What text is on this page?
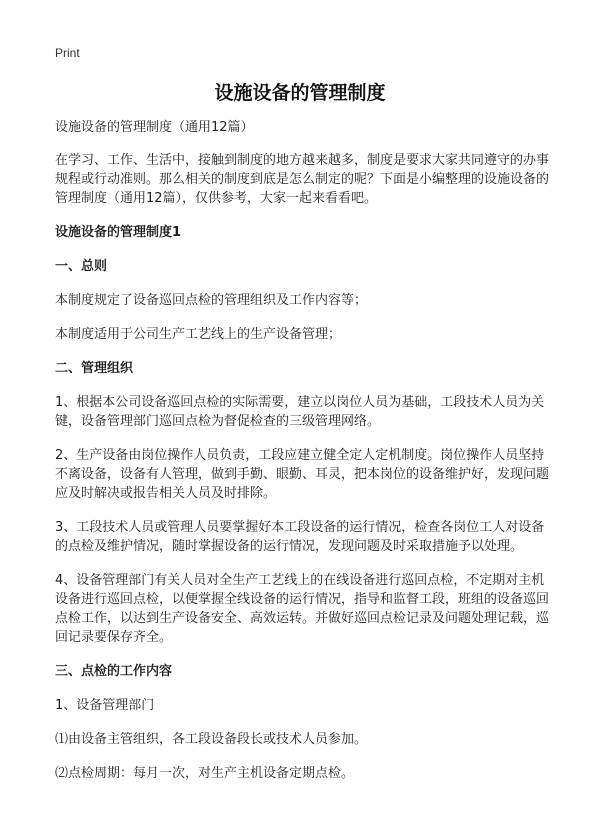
Print
设施设备的管理制度

设施设备的管理制度（通用12篇）

在学习、工作、生活中，接触到制度的地方越来越多，制度是要求大家共同遵守的办事规程或行动准则。那么相关的制度到底是怎么制定的呢？下面是小编整理的设施设备的管理制度（通用12篇），仅供参考，大家一起来看看吧。

设施设备的管理制度1

一、总则

本制度规定了设备巡回点检的管理组织及工作内容等；

本制度适用于公司生产工艺线上的生产设备管理；

二、管理组织

1、根据本公司设备巡回点检的实际需要，建立以岗位人员为基础，工段技术人员为关键，设备管理部门巡回点检为督促检查的三级管理网络。

2、生产设备由岗位操作人员负责，工段应建立健全定人定机制度。岗位操作人员坚持不离设备，设备有人管理，做到手勤、眼勤、耳灵，把本岗位的设备维护好，发现问题应及时解决或报告相关人员及时排除。

3、工段技术人员或管理人员要掌握好本工段设备的运行情况，检查各岗位工人对设备的点检及维护情况，随时掌握设备的运行情况，发现问题及时采取措施予以处理。

4、设备管理部门有关人员对全生产工艺线上的在线设备进行巡回点检，不定期对主机设备进行巡回点检，以便掌握全线设备的运行情况，指导和监督工段，班组的设备巡回点检工作，以达到生产设备安全、高效运转。并做好巡回点检记录及问题处理记载，巡回记录要保存齐全。

三、点检的工作内容

1、设备管理部门

⑴由设备主管组织，各工段设备段长或技术人员参加。

⑵点检周期：每月一次，对生产主机设备定期点检。
